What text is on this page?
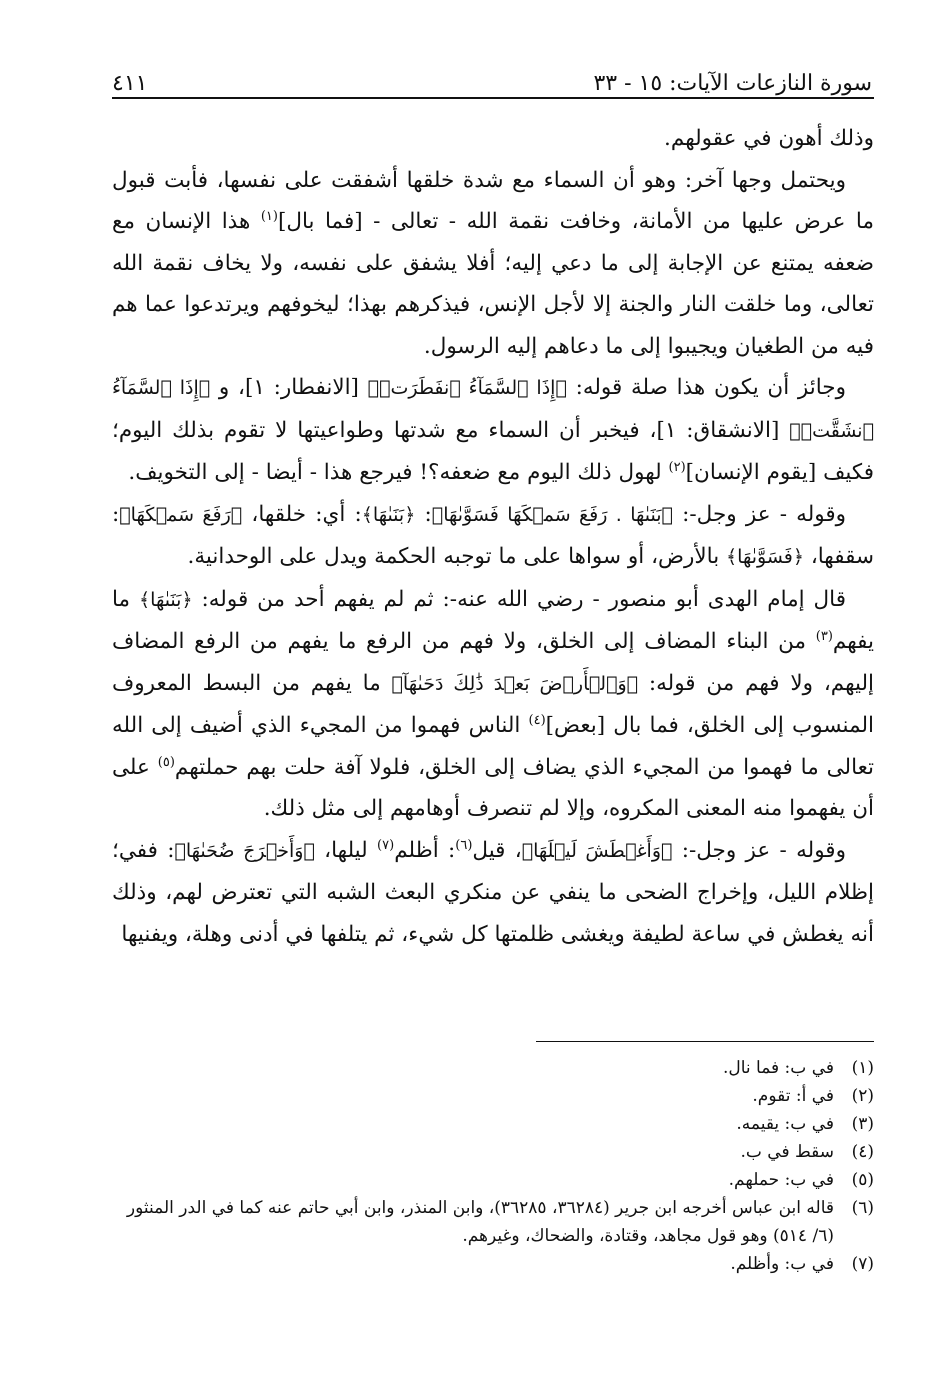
سورة النازعات الآيات: ١٥ - ٣٣
٤١١

وذلك أهون في عقولهم.

ويحتمل وجها آخر: وهو أن السماء مع شدة خلقها أشفقت على نفسها، فأبت قبول ما عرض عليها من الأمانة، وخافت نقمة الله - تعالى - [فما بال]$^{(١)}$ هذا الإنسان مع ضعفه يمتنع عن الإجابة إلى ما دعي إليه؛ أفلا يشفق على نفسه، ولا يخاف نقمة الله تعالى، وما خلقت النار والجنة إلا لأجل الإنس، فيذكرهم بهذا؛ ليخوفهم ويرتدعوا عما هم فيه من الطغيان ويجيبوا إلى ما دعاهم إليه الرسول.

وجائز أن يكون هذا صلة قوله: ﴿إِذَا ٱلسَّمَآءُ ٱنفَطَرَتۡ﴾ [الانفطار: ١]، و ﴿إِذَا ٱلسَّمَآءُ ٱنشَقَّتۡ﴾ [الانشقاق: ١]، فيخبر أن السماء مع شدتها وطواعيتها لا تقوم بذلك اليوم؛ فكيف [يقوم الإنسان]$^{(٢)}$ لهول ذلك اليوم مع ضعفه؟! فيرجع هذا - أيضا - إلى التخويف.

وقوله - عز وجل-: ﴿بَنَىٰهَا . رَفَعَ سَمۡكَهَا فَسَوَّىٰهَا﴾: ﴿بَنَىٰهَا﴾: أي: خلقها، ﴿رَفَعَ سَمۡكَهَا﴾: سقفها، ﴿فَسَوَّىٰهَا﴾ بالأرض، أو سواها على ما توجبه الحكمة ويدل على الوحدانية.

قال إمام الهدى أبو منصور - رضي الله عنه-: ثم لم يفهم أحد من قوله: ﴿بَنَىٰهَا﴾ ما يفهم$^{(٣)}$ من البناء المضاف إلى الخلق، ولا فهم من الرفع ما يفهم من الرفع المضاف إليهم، ولا فهم من قوله: ﴿وَٱلۡأَرۡضَ بَعۡدَ ذَٰلِكَ دَحَىٰهَآ﴾ ما يفهم من البسط المعروف المنسوب إلى الخلق، فما بال [بعض]$^{(٤)}$ الناس فهموا من المجيء الذي أضيف إلى الله تعالى ما فهموا من المجيء الذي يضاف إلى الخلق، فلولا آفة حلت بهم حملتهم$^{(٥)}$ على أن يفهموا منه المعنى المكروه، وإلا لم تنصرف أوهامهم إلى مثل ذلك.

وقوله - عز وجل-: ﴿وَأَغۡطَشَ لَيۡلَهَا﴾، قيل$^{(٦)}$: أظلم$^{(٧)}$ ليلها، ﴿وَأَخۡرَجَ ضُحَىٰهَا﴾: ففي؛ إظلام الليل، وإخراج الضحى ما ينفي عن منكري البعث الشبه التي تعترض لهم، وذلك أنه يغطش في ساعة لطيفة ويغشى ظلمتها كل شيء، ثم يتلفها في أدنى وهلة، ويفنيها

(١)
في ب: فما نال.
(٢)
في أ: تقوم.
(٣)
في ب: يقيمه.
(٤)
سقط في ب.
(٥)
في ب: حملهم.
(٦)
قاله ابن عباس أخرجه ابن جرير (٣٦٢٨٤، ٣٦٢٨٥)، وابن المنذر، وابن أبي حاتم عنه كما في الدر المنثور (٦/ ٥١٤) وهو قول مجاهد، وقتادة، والضحاك، وغيرهم.
(٧)
في ب: وأظلم.
